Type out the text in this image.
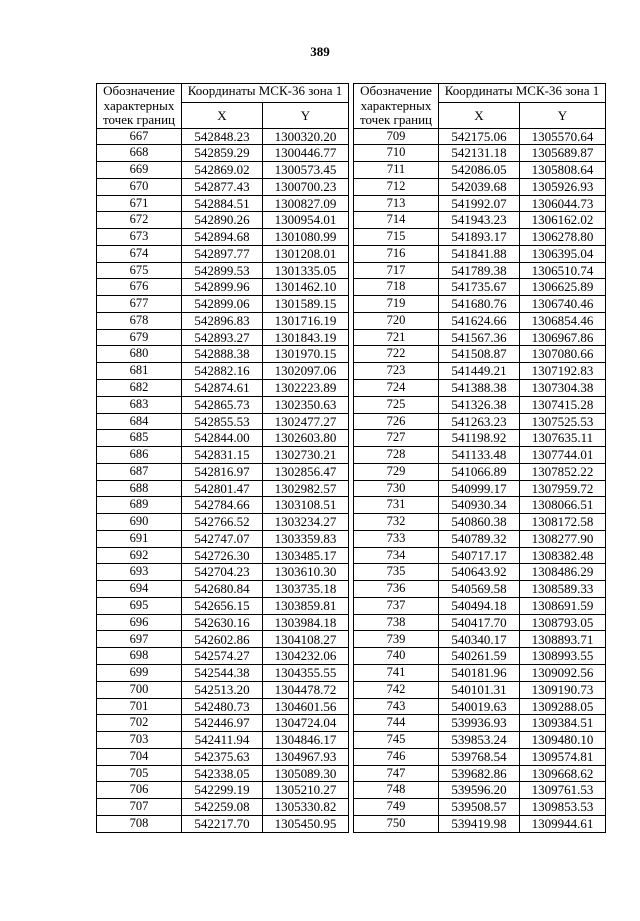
389
Обозначение характерных точек границ	Координаты МСК-36 зона 1			Обозначение характерных точек границ	Координаты МСК-36 зона 1	
	X	Y			X	Y
667	542848.23	1300320.20		709	542175.06	1305570.64
668	542859.29	1300446.77		710	542131.18	1305689.87
669	542869.02	1300573.45		711	542086.05	1305808.64
670	542877.43	1300700.23		712	542039.68	1305926.93
671	542884.51	1300827.09		713	541992.07	1306044.73
672	542890.26	1300954.01		714	541943.23	1306162.02
673	542894.68	1301080.99		715	541893.17	1306278.80
674	542897.77	1301208.01		716	541841.88	1306395.04
675	542899.53	1301335.05		717	541789.38	1306510.74
676	542899.96	1301462.10		718	541735.67	1306625.89
677	542899.06	1301589.15		719	541680.76	1306740.46
678	542896.83	1301716.19		720	541624.66	1306854.46
679	542893.27	1301843.19		721	541567.36	1306967.86
680	542888.38	1301970.15		722	541508.87	1307080.66
681	542882.16	1302097.06		723	541449.21	1307192.83
682	542874.61	1302223.89		724	541388.38	1307304.38
683	542865.73	1302350.63		725	541326.38	1307415.28
684	542855.53	1302477.27		726	541263.23	1307525.53
685	542844.00	1302603.80		727	541198.92	1307635.11
686	542831.15	1302730.21		728	541133.48	1307744.01
687	542816.97	1302856.47		729	541066.89	1307852.22
688	542801.47	1302982.57		730	540999.17	1307959.72
689	542784.66	1303108.51		731	540930.34	1308066.51
690	542766.52	1303234.27		732	540860.38	1308172.58
691	542747.07	1303359.83		733	540789.32	1308277.90
692	542726.30	1303485.17		734	540717.17	1308382.48
693	542704.23	1303610.30		735	540643.92	1308486.29
694	542680.84	1303735.18		736	540569.58	1308589.33
695	542656.15	1303859.81		737	540494.18	1308691.59
696	542630.16	1303984.18		738	540417.70	1308793.05
697	542602.86	1304108.27		739	540340.17	1308893.71
698	542574.27	1304232.06		740	540261.59	1308993.55
699	542544.38	1304355.55		741	540181.96	1309092.56
700	542513.20	1304478.72		742	540101.31	1309190.73
701	542480.73	1304601.56		743	540019.63	1309288.05
702	542446.97	1304724.04		744	539936.93	1309384.51
703	542411.94	1304846.17		745	539853.24	1309480.10
704	542375.63	1304967.93		746	539768.54	1309574.81
705	542338.05	1305089.30		747	539682.86	1309668.62
706	542299.19	1305210.27		748	539596.20	1309761.53
707	542259.08	1305330.82		749	539508.57	1309853.53
708	542217.70	1305450.95		750	539419.98	1309944.61
